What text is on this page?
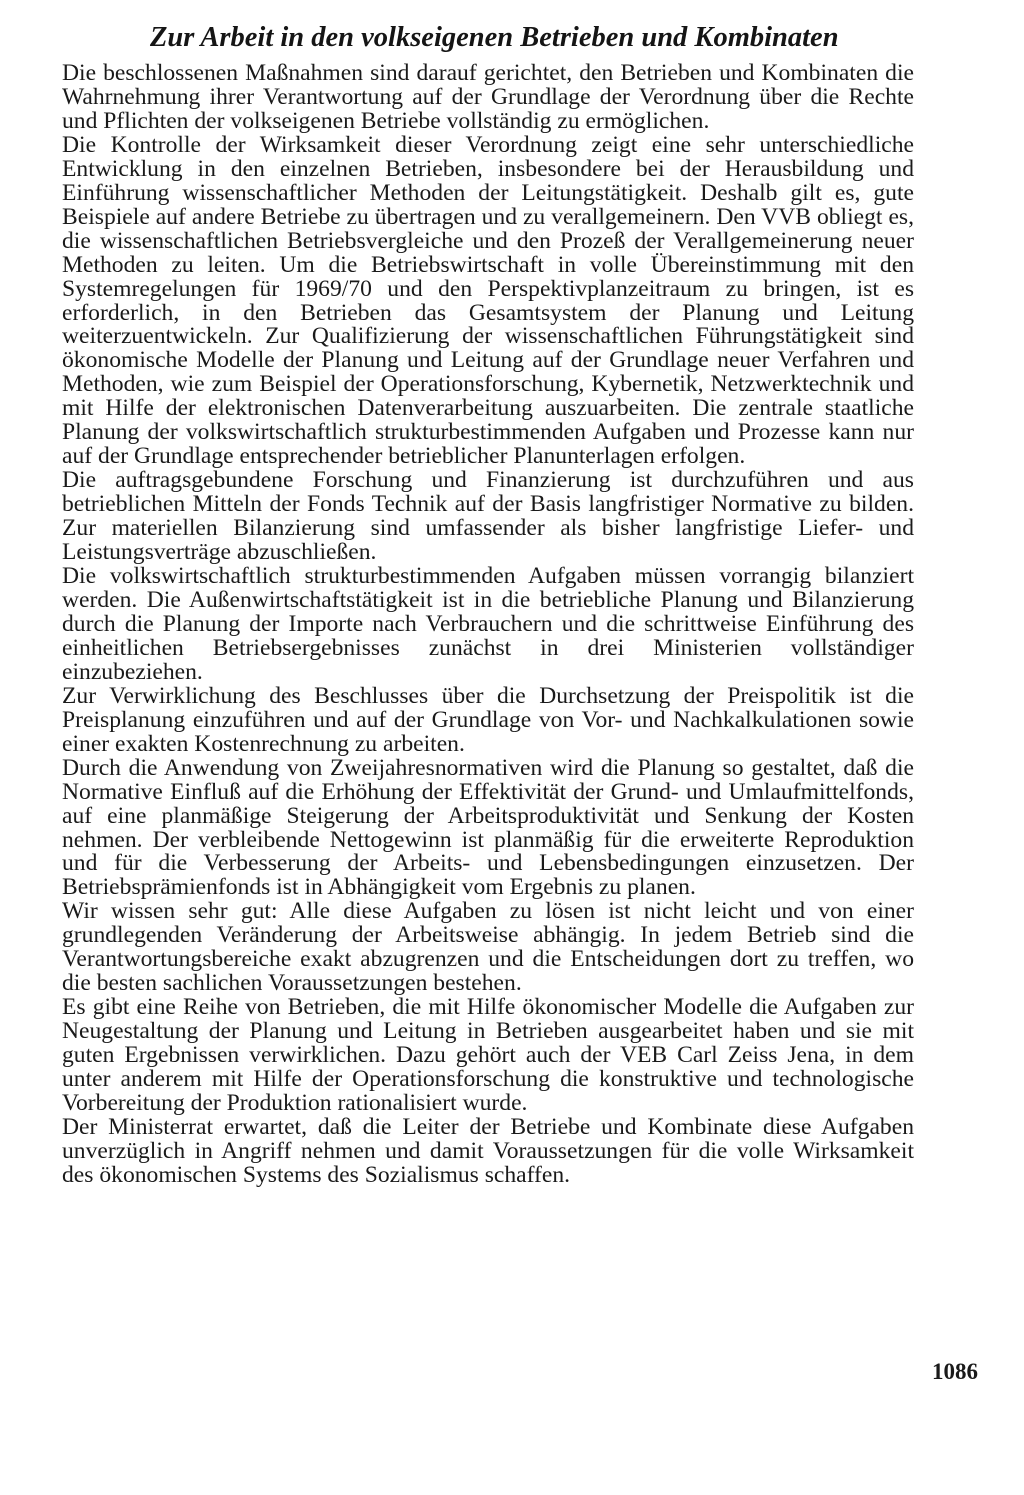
Zur Arbeit in den volkseigenen Betrieben und Kombinaten

Die beschlossenen Maßnahmen sind darauf gerichtet, den Betrieben und Kombinaten die Wahrnehmung ihrer Verantwortung auf der Grundlage der Verordnung über die Rechte und Pflichten der volkseigenen Betriebe vollständig zu ermöglichen.

Die Kontrolle der Wirksamkeit dieser Verordnung zeigt eine sehr unterschiedliche Entwicklung in den einzelnen Betrieben, insbesondere bei der Herausbildung und Einführung wissenschaftlicher Methoden der Leitungstätigkeit. Deshalb gilt es, gute Beispiele auf andere Betriebe zu übertragen und zu verallgemeinern. Den VVB obliegt es, die wissenschaftlichen Betriebsvergleiche und den Prozeß der Verallgemeinerung neuer Methoden zu leiten. Um die Betriebswirtschaft in volle Übereinstimmung mit den Systemregelungen für 1969/70 und den Perspektivplanzeitraum zu bringen, ist es erforderlich, in den Betrieben das Gesamtsystem der Planung und Leitung weiterzuentwickeln. Zur Qualifizierung der wissenschaftlichen Führungstätigkeit sind ökonomische Modelle der Planung und Leitung auf der Grundlage neuer Verfahren und Methoden, wie zum Beispiel der Operationsforschung, Kybernetik, Netzwerktechnik und mit Hilfe der elektronischen Datenverarbeitung auszuarbeiten. Die zentrale staatliche Planung der volkswirtschaftlich strukturbestimmenden Aufgaben und Prozesse kann nur auf der Grundlage entsprechender betrieblicher Planunterlagen erfolgen.

Die auftragsgebundene Forschung und Finanzierung ist durchzuführen und aus betrieblichen Mitteln der Fonds Technik auf der Basis langfristiger Normative zu bilden. Zur materiellen Bilanzierung sind umfassender als bisher langfristige Liefer- und Leistungsverträge abzuschließen.

Die volkswirtschaftlich strukturbestimmenden Aufgaben müssen vorrangig bilanziert werden. Die Außenwirtschaftstätigkeit ist in die betriebliche Planung und Bilanzierung durch die Planung der Importe nach Verbrauchern und die schrittweise Einführung des einheitlichen Betriebsergebnisses zunächst in drei Ministerien vollständiger einzubeziehen.

Zur Verwirklichung des Beschlusses über die Durchsetzung der Preispolitik ist die Preisplanung einzuführen und auf der Grundlage von Vor- und Nachkalkulationen sowie einer exakten Kostenrechnung zu arbeiten.

Durch die Anwendung von Zweijahresnormativen wird die Planung so gestaltet, daß die Normative Einfluß auf die Erhöhung der Effektivität der Grund- und Umlaufmittelfonds, auf eine planmäßige Steigerung der Arbeitsproduktivität und Senkung der Kosten nehmen. Der verbleibende Nettogewinn ist planmäßig für die erweiterte Reproduktion und für die Verbesserung der Arbeits- und Lebensbedingungen einzusetzen. Der Betriebsprämienfonds ist in Abhängigkeit vom Ergebnis zu planen.

Wir wissen sehr gut: Alle diese Aufgaben zu lösen ist nicht leicht und von einer grundlegenden Veränderung der Arbeitsweise abhängig. In jedem Betrieb sind die Verantwortungsbereiche exakt abzugrenzen und die Entscheidungen dort zu treffen, wo die besten sachlichen Voraussetzungen bestehen.

Es gibt eine Reihe von Betrieben, die mit Hilfe ökonomischer Modelle die Aufgaben zur Neugestaltung der Planung und Leitung in Betrieben ausgearbeitet haben und sie mit guten Ergebnissen verwirklichen. Dazu gehört auch der VEB Carl Zeiss Jena, in dem unter anderem mit Hilfe der Operationsforschung die konstruktive und technologische Vorbereitung der Produktion rationalisiert wurde.

Der Ministerrat erwartet, daß die Leiter der Betriebe und Kombinate diese Aufgaben unverzüglich in Angriff nehmen und damit Voraussetzungen für die volle Wirksamkeit des ökonomischen Systems des Sozialismus schaffen.

1086
